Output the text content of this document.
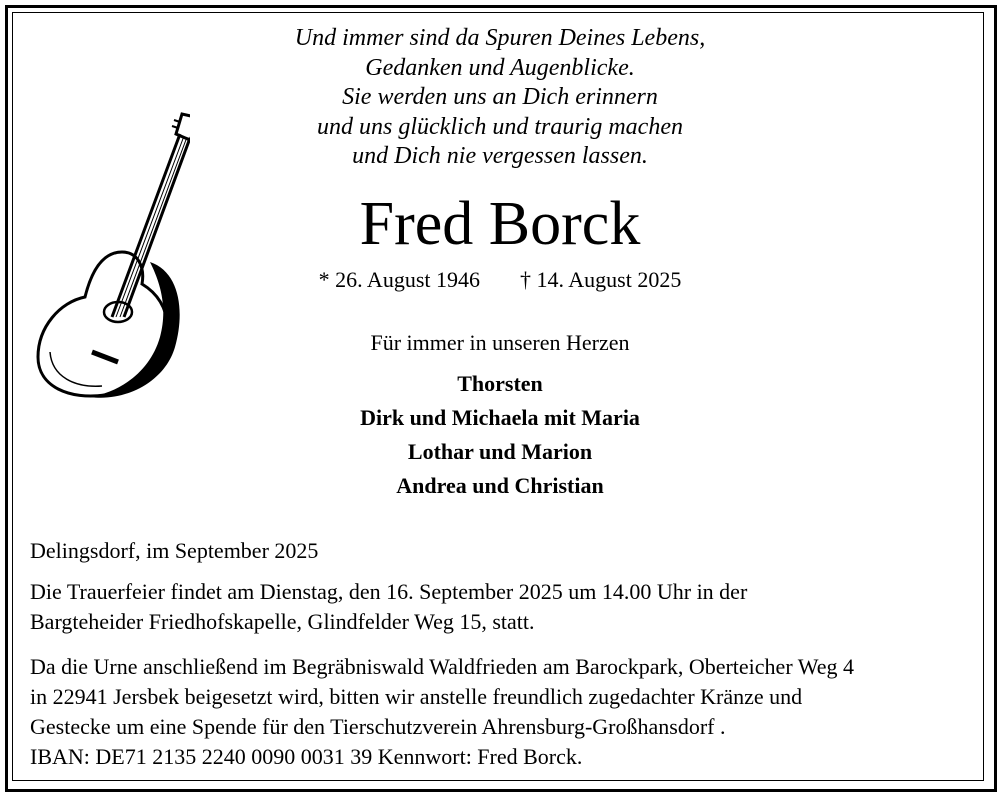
Und immer sind da Spuren Deines Lebens,
Gedanken und Augenblicke.
Sie werden uns an Dich erinnern
und uns glücklich und traurig machen
und Dich nie vergessen lassen.
Fred Borck
* 26. August 1946 † 14. August 2025
Für immer in unseren Herzen
Thorsten
Dirk und Michaela mit Maria
Lothar und Marion
Andrea und Christian
Delingsdorf, im September 2025
Die Trauerfeier findet am Dienstag, den 16. September 2025 um 14.00 Uhr in der
Bargteheider Friedhofskapelle, Glindfelder Weg 15, statt.
Da die Urne anschließend im Begräbniswald Waldfrieden am Barockpark, Oberteicher Weg 4
in 22941 Jersbek beigesetzt wird, bitten wir anstelle freundlich zugedachter Kränze und
Gestecke um eine Spende für den Tierschutzverein Ahrensburg-Großhansdorf .
IBAN: DE71 2135 2240 0090 0031 39 Kennwort: Fred Borck.
